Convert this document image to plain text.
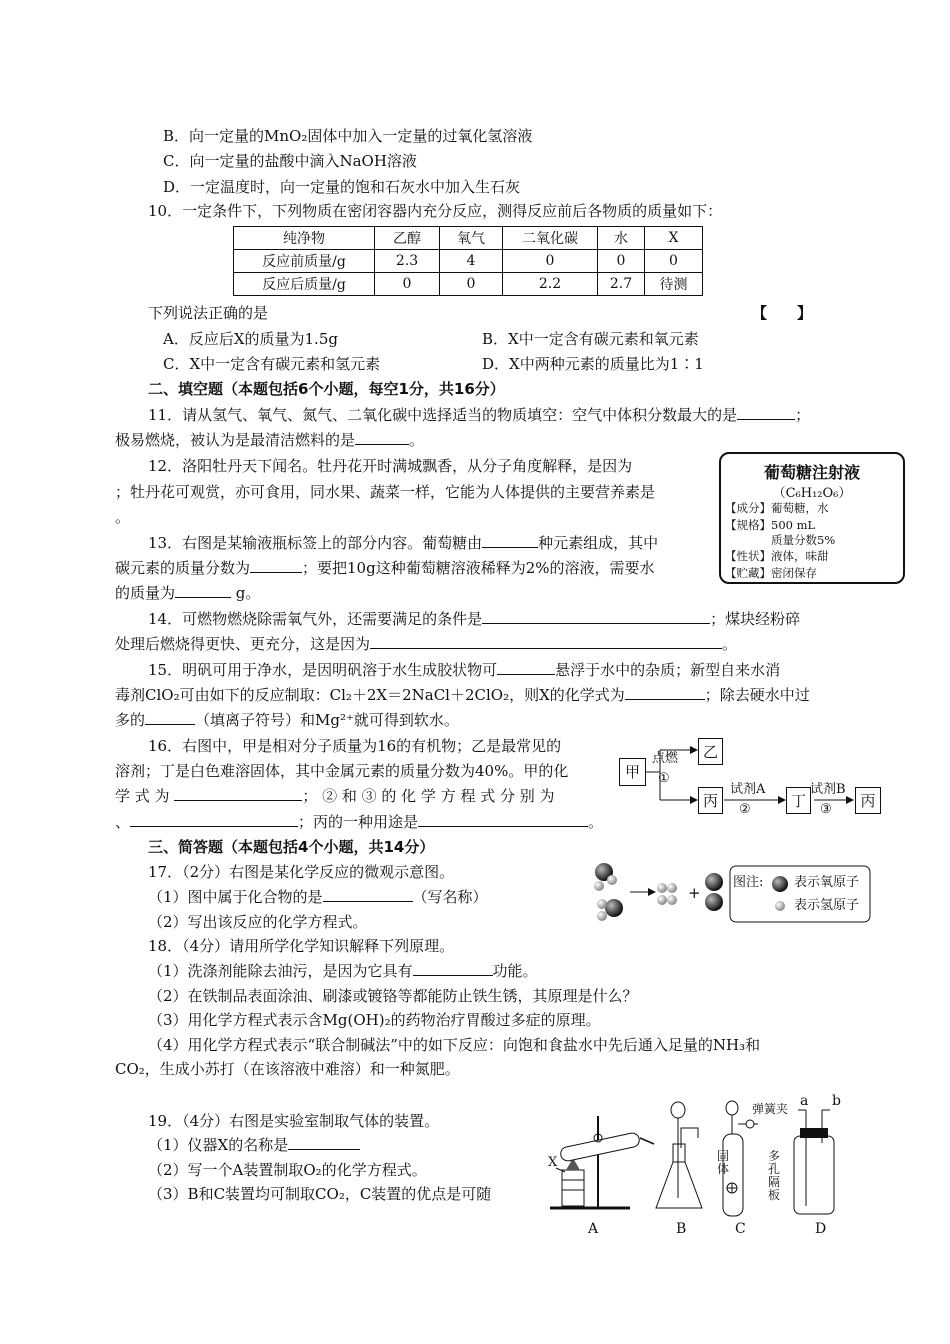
B．向一定量的MnO₂固体中加入一定量的过氧化氢溶液
C．向一定量的盐酸中滴入NaOH溶液
D．一定温度时，向一定量的饱和石灰水中加入生石灰
10．一定条件下，下列物质在密闭容器内充分反应，测得反应前后各物质的质量如下：
纯净物	乙醇	氧气	二氧化碳	水	X
反应前质量/g	2.3	4	0	0	0
反应后质量/g	0	0	2.2	2.7	待测
下列说法正确的是	【　　】
A．反应后X的质量为1.5g	B．X中一定含有碳元素和氧元素
C．X中一定含有碳元素和氢元素	D．X中两种元素的质量比为1∶1
二、填空题（本题包括6个小题，每空1分，共16分）
11．请从氢气、氧气、氮气、二氧化碳中选择适当的物质填空：空气中体积分数最大的是	；
极易燃烧，被认为是最清洁燃料的是	。
12．洛阳牡丹天下闻名。牡丹花开时满城飘香，从分子角度解释，是因为
；牡丹花可观赏，亦可食用，同水果、蔬菜一样，它能为人体提供的主要营养素是
。
13．右图是某输液瓶标签上的部分内容。葡萄糖由	种元素组成，其中
碳元素的质量分数为	；要把10g这种葡萄糖溶液稀释为2%的溶液，需要水
的质量为	g。
葡萄糖注射液
（C₆H₁₂O₆）
【成分】葡萄糖，水
【规格】500 mL
质量分数5%
【性状】液体，味甜
【贮藏】密闭保存
14．可燃物燃烧除需氧气外，还需要满足的条件是	；煤块经粉碎
处理后燃烧得更快、更充分，这是因为	。
15．明矾可用于净水，是因明矾溶于水生成胶状物可	悬浮于水中的杂质；新型自来水消
毒剂ClO₂可由如下的反应制取：Cl₂＋2X＝2NaCl＋2ClO₂，则X的化学式为	；除去硬水中过
多的	（填离子符号）和Mg²⁺就可得到软水。
16．右图中，甲是相对分子质量为16的有机物；乙是最常见的
溶剂；丁是白色难溶固体，其中金属元素的质量分数为40%。甲的化
学 式 为	； ② 和 ③ 的 化 学 方 程 式 分 别 为
、	；丙的一种用途是	。
甲
乙
丙	丁	丙
点燃
①
试剂A
②
试剂B
③
三、简答题（本题包括4个小题，共14分）
17．（2分）右图是某化学反应的微观示意图。
（1）图中属于化合物的是	（写名称）
（2）写出该反应的化学方程式。
+
图注: 表示氧原子
表示氢原子
18．（4分）请用所学化学知识解释下列原理。
（1）洗涤剂能除去油污，是因为它具有	功能。
（2）在铁制品表面涂油、刷漆或镀铬等都能防止铁生锈，其原理是什么？
（3）用化学方程式表示含Mg(OH)₂的药物治疗胃酸过多症的原理。
（4）用化学方程式表示“联合制碱法”中的如下反应：向饱和食盐水中先后通入足量的NH₃和
CO₂，生成小苏打（在该溶液中难溶）和一种氮肥。
19．（4分）右图是实验室制取气体的装置。
（1）仪器X的名称是
（2）写一个A装置制取O₂的化学方程式。
（3）B和C装置均可制取CO₂，C装置的优点是可随
X
A	B	C	D
弹簧夹
固体
多孔隔板
a b
